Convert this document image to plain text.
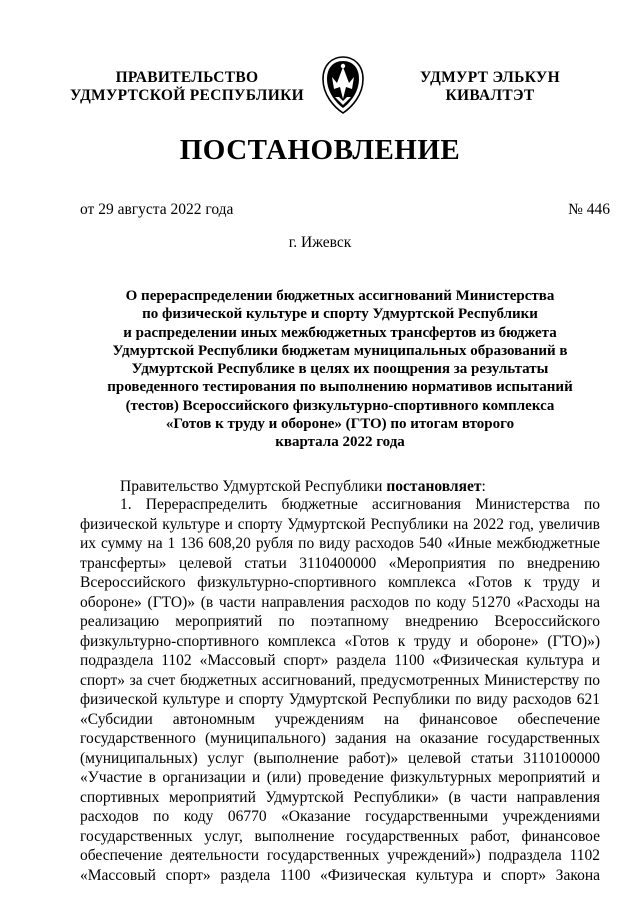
ПРАВИТЕЛЬСТВО
УДМУРТСКОЙ РЕСПУБЛИКИ
УДМУРТ ЭЛЬКУН
КИВАЛТЭТ
ПОСТАНОВЛЕНИЕ
от 29 августа 2022 года	№ 446
г. Ижевск
О перераспределении бюджетных ассигнований Министерства
по физической культуре и спорту Удмуртской Республики
и распределении иных межбюджетных трансфертов из бюджета
Удмуртской Республики бюджетам муниципальных образований в
Удмуртской Республике в целях их поощрения за результаты
проведенного тестирования по выполнению нормативов испытаний
(тестов) Всероссийского физкультурно-спортивного комплекса
«Готов к труду и обороне» (ГТО) по итогам второго
квартала 2022 года
Правительство Удмуртской Республики постановляет:
1. Перераспределить бюджетные ассигнования Министерства по
физической культуре и спорту Удмуртской Республики на 2022 год, увеличив
их сумму на 1 136 608,20 рубля по виду расходов 540 «Иные межбюджетные
трансферты» целевой статьи 3110400000 «Мероприятия по внедрению
Всероссийского физкультурно-спортивного комплекса «Готов к труду и
обороне» (ГТО)» (в части направления расходов по коду 51270 «Расходы на
реализацию мероприятий по поэтапному внедрению Всероссийского
физкультурно-спортивного комплекса «Готов к труду и обороне» (ГТО)»)
подраздела 1102 «Массовый спорт» раздела 1100 «Физическая культура и
спорт» за счет бюджетных ассигнований, предусмотренных Министерству по
физической культуре и спорту Удмуртской Республики по виду расходов 621
«Субсидии автономным учреждениям на финансовое обеспечение
государственного (муниципального) задания на оказание государственных
(муниципальных) услуг (выполнение работ)» целевой статьи 3110100000
«Участие в организации и (или) проведение физкультурных мероприятий и
спортивных мероприятий Удмуртской Республики» (в части направления
расходов по коду 06770 «Оказание государственными учреждениями
государственных услуг, выполнение государственных работ, финансовое
обеспечение деятельности государственных учреждений») подраздела 1102
«Массовый спорт» раздела 1100 «Физическая культура и спорт» Закона
